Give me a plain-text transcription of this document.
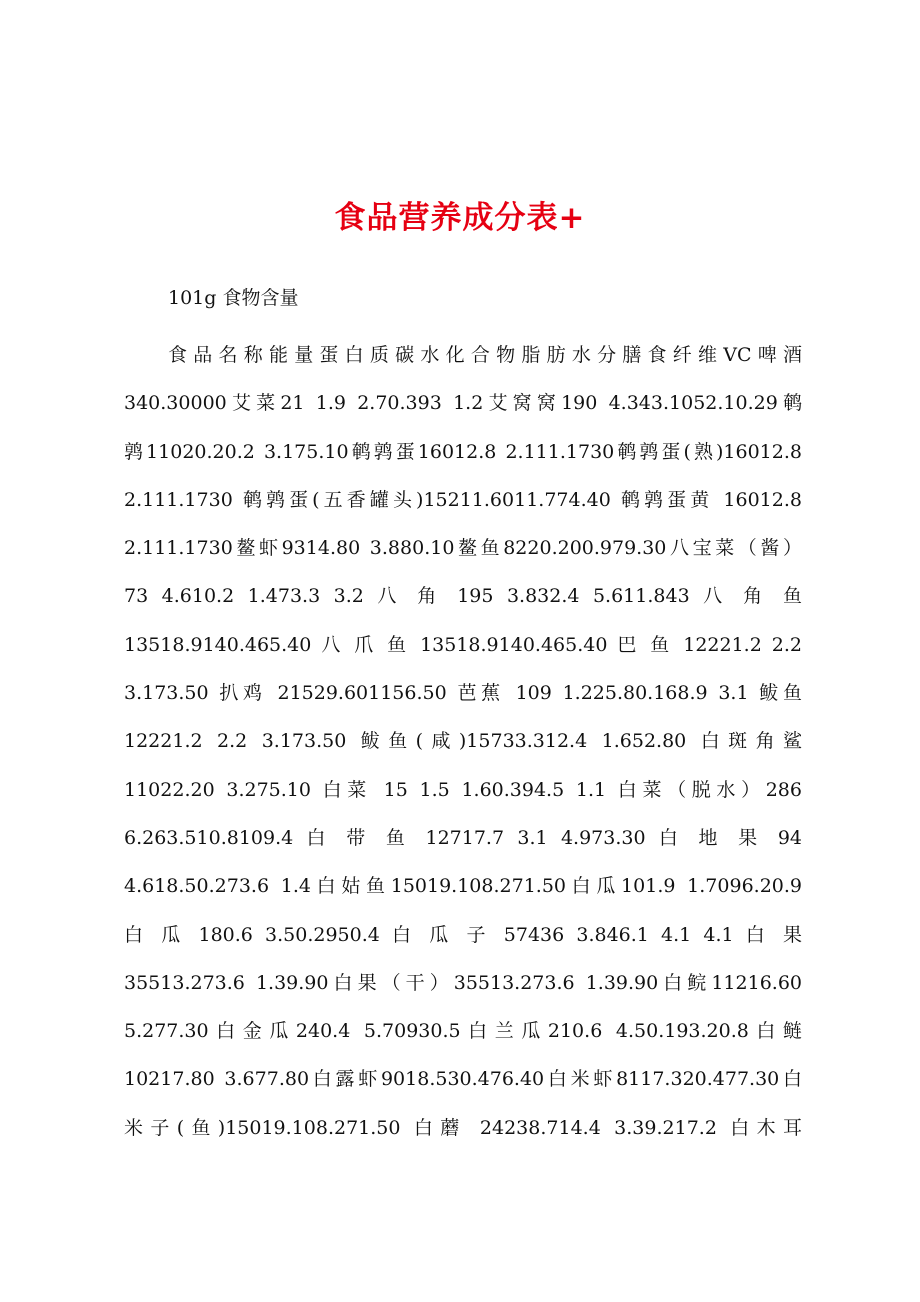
食品营养成分表+
101g 食物含量
食品名称能量蛋白质碳水化合物脂肪水分膳食纤维VC啤酒
340.30000艾菜21 1.9 2.70.393 1.2艾窝窝190 4.343.1052.10.29鹌
鹑11020.20.2 3.175.10鹌鹑蛋16012.8 2.111.1730鹌鹑蛋(熟)16012.8
2.111.1730 鹌鹑蛋(五香罐头)15211.6011.774.40 鹌鹑蛋黄 16012.8
2.111.1730鳌虾9314.80 3.880.10鳌鱼8220.200.979.30八宝菜（酱）
73 4.610.2 1.473.3 3.2 八 角 195 3.832.4 5.611.843 八 角 鱼
13518.9140.465.40 八 爪 鱼 13518.9140.465.40 巴 鱼 12221.2 2.2
3.173.50 扒鸡 21529.601156.50 芭蕉 109 1.225.80.168.9 3.1 鲅鱼
12221.2 2.2 3.173.50 鲅鱼(咸)15733.312.4 1.652.80 白斑角鲨
11022.20 3.275.10 白菜 15 1.5 1.60.394.5 1.1 白菜（脱水）286
6.263.510.8109.4 白 带 鱼 12717.7 3.1 4.973.30 白 地 果 94
4.618.50.273.6 1.4白姑鱼15019.108.271.50白瓜101.9 1.7096.20.9
白 瓜 180.6 3.50.2950.4 白 瓜 子 57436 3.846.1 4.1 4.1 白 果
35513.273.6 1.39.90白果（干）35513.273.6 1.39.90白鲩11216.60
5.277.30白金瓜240.4 5.70930.5白兰瓜210.6 4.50.193.20.8白鲢
10217.80 3.677.80白露虾9018.530.476.40白米虾8117.320.477.30白
米子(鱼)15019.108.271.50 白蘑 24238.714.4 3.39.217.2 白木耳
